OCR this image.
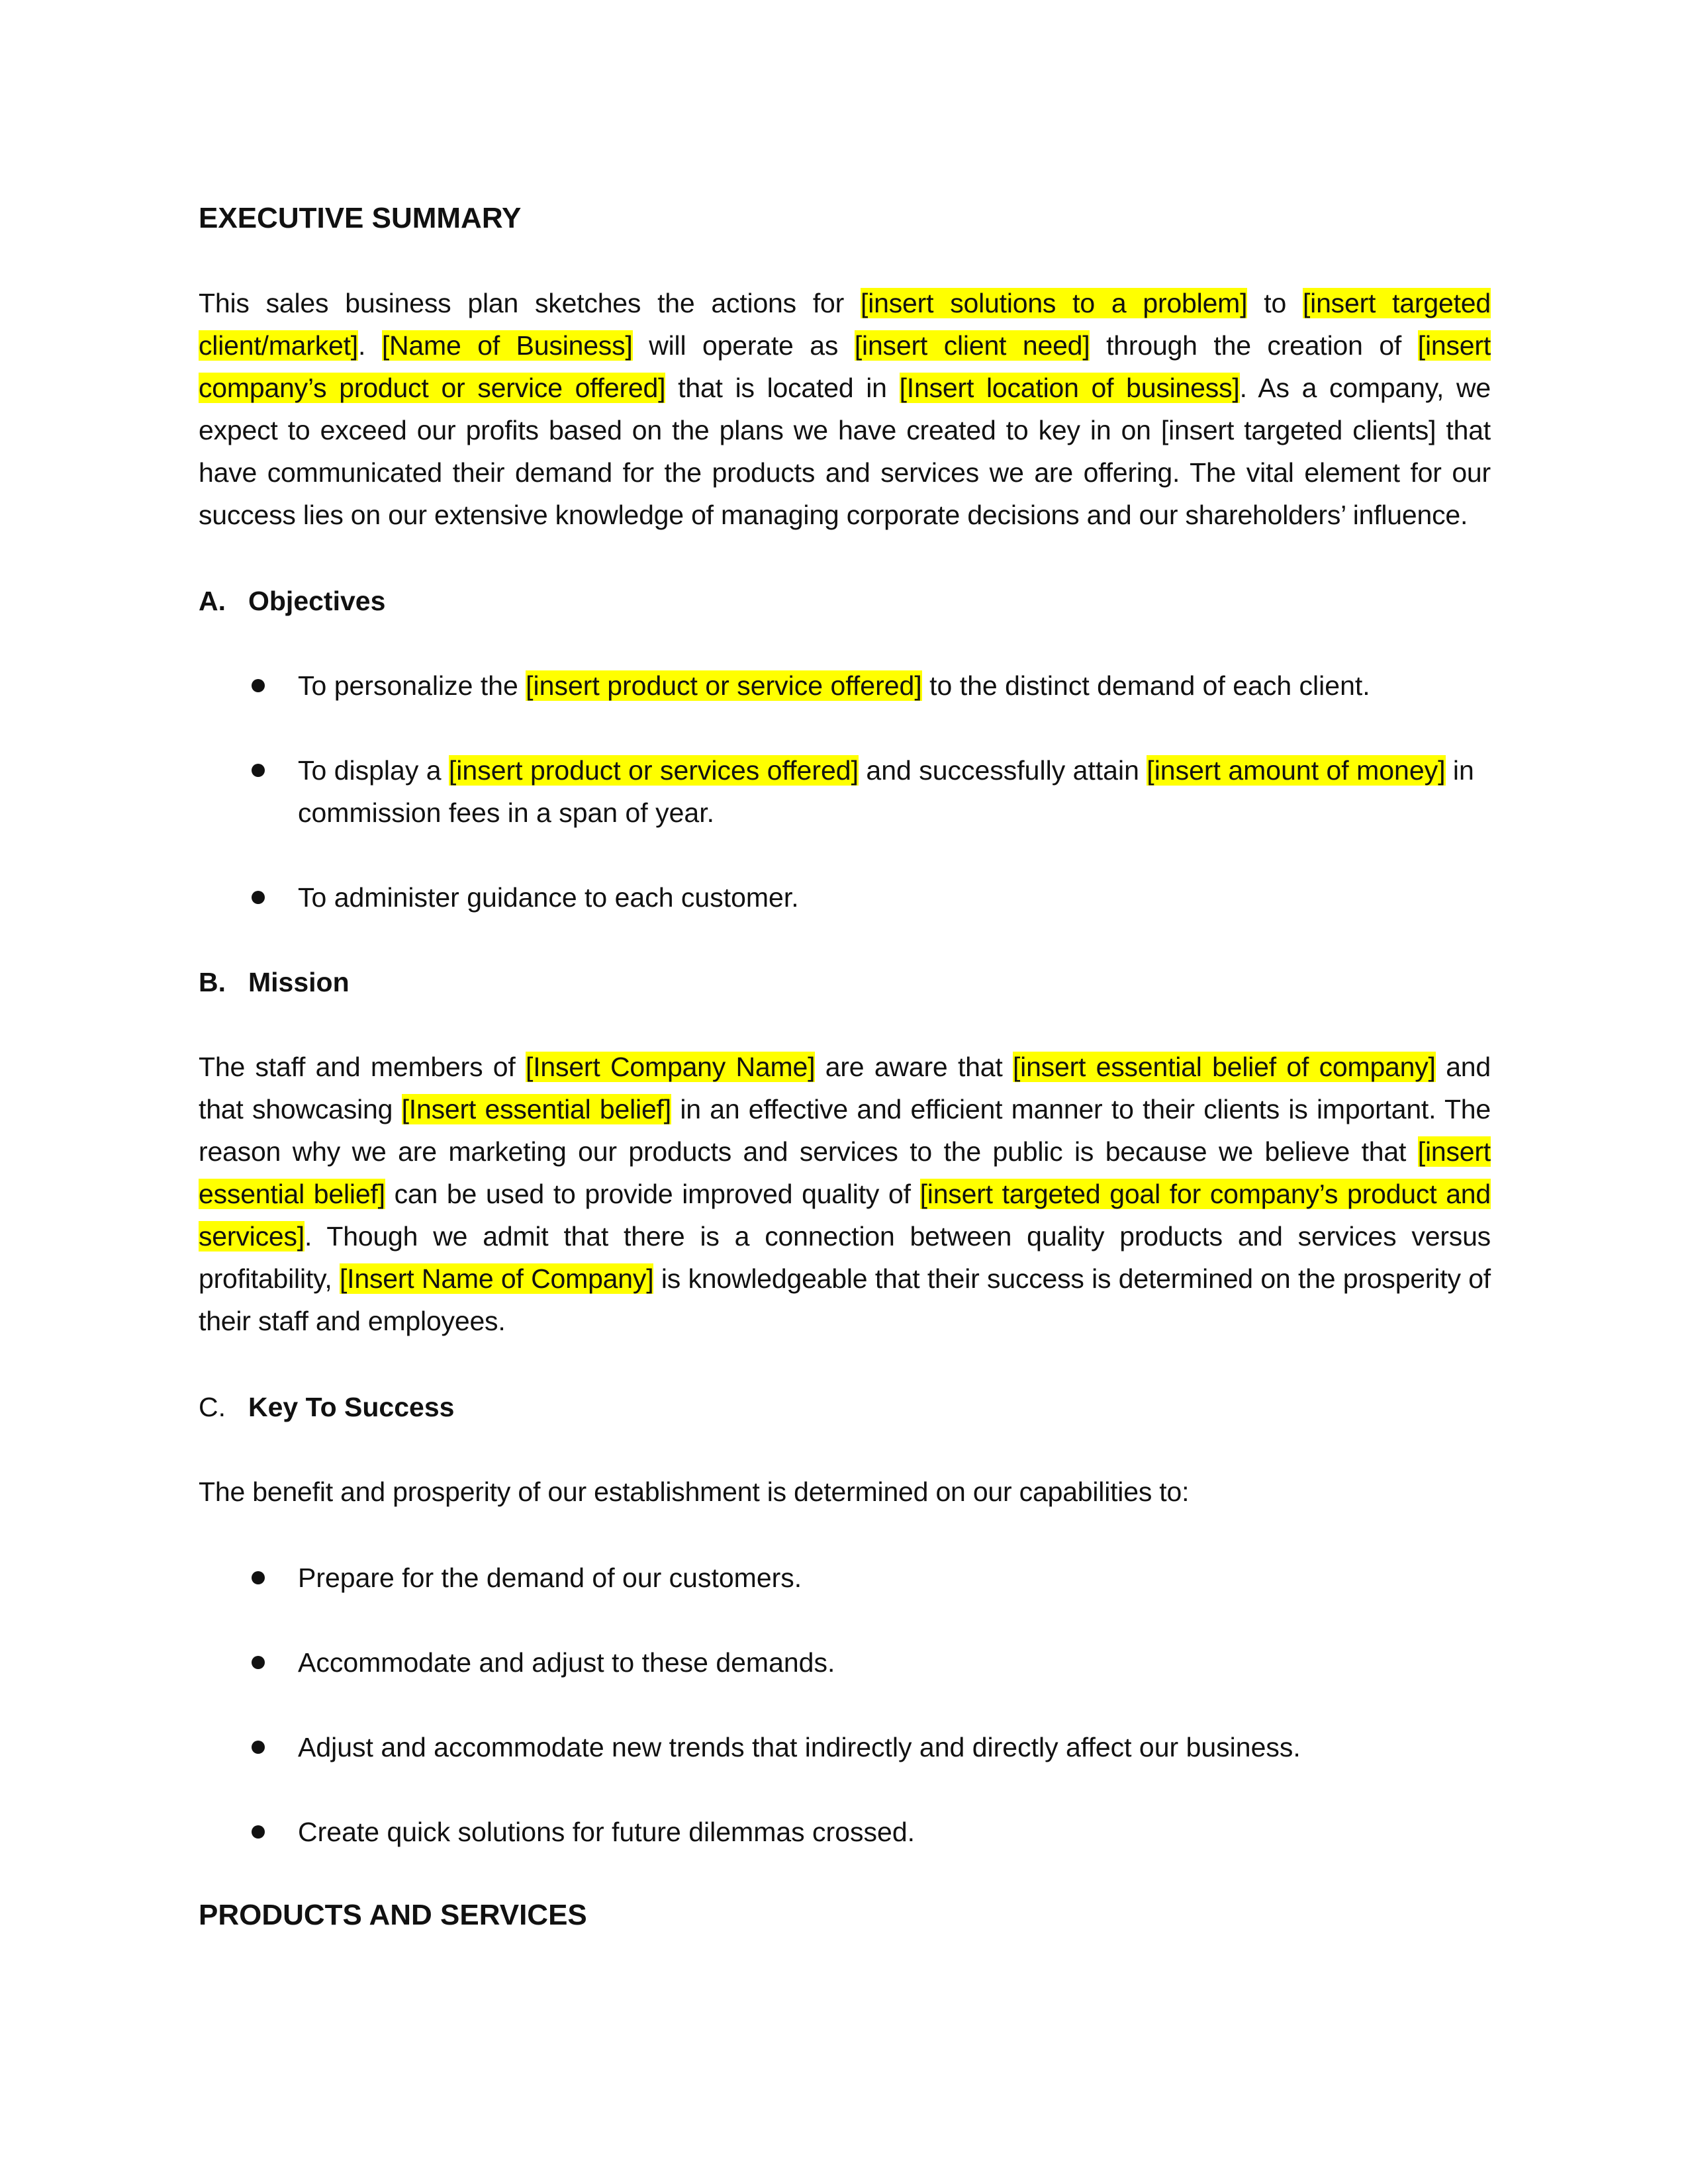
EXECUTIVE SUMMARY

This sales business plan sketches the actions for [insert solutions to a problem] to [insert targeted client/market]. [Name of Business] will operate as [insert client need] through the creation of [insert company’s product or service offered] that is located in [Insert location of business]. As a company, we expect to exceed our profits based on the plans we have created to key in on [insert targeted clients] that have communicated their demand for the products and services we are offering. The vital element for our success lies on our extensive knowledge of managing corporate decisions and our shareholders’ influence.

A. Objectives
To personalize the [insert product or service offered] to the distinct demand of each client.
To display a [insert product or services offered] and successfully attain [insert amount of money] in commission fees in a span of year.
To administer guidance to each customer.
B. Mission

The staff and members of [Insert Company Name] are aware that [insert essential belief of company] and that showcasing [Insert essential belief] in an effective and efficient manner to their clients is important. The reason why we are marketing our products and services to the public is because we believe that [insert essential belief] can be used to provide improved quality of [insert targeted goal for company’s product and services]. Though we admit that there is a connection between quality products and services versus profitability, [Insert Name of Company] is knowledgeable that their success is determined on the prosperity of their staff and employees.

C. Key To Success

The benefit and prosperity of our establishment is determined on our capabilities to:

Prepare for the demand of our customers.
Accommodate and adjust to these demands.
Adjust and accommodate new trends that indirectly and directly affect our business.
Create quick solutions for future dilemmas crossed.
PRODUCTS AND SERVICES
